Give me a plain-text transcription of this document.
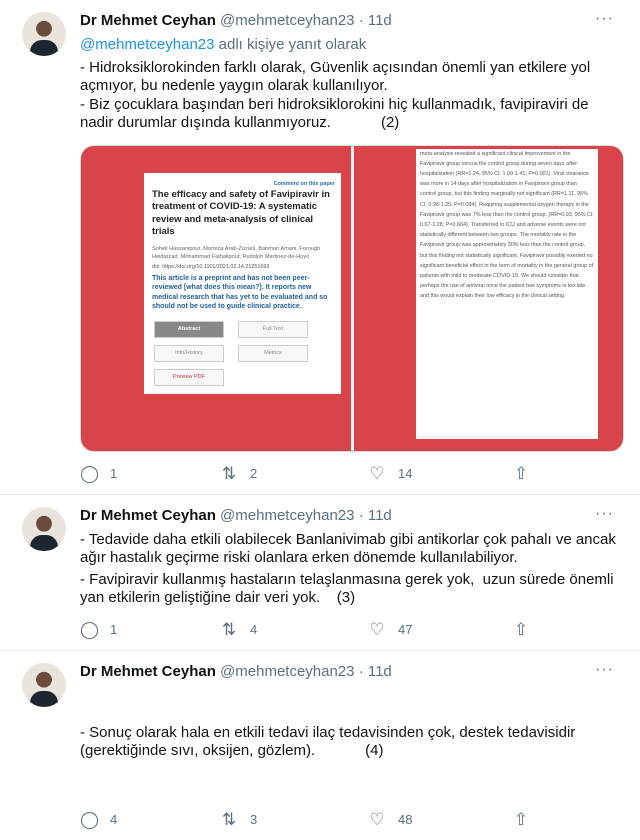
Dr Mehmet Ceyhan @mehmetceyhan23 · 11d	···
@mehmetceyhan23 adlı kişiye yanıt olarak
- Hidroksiklorokinden farklı olarak, Güvenlik açısından önemli yan etkilere yol açmıyor, bu nedenle yaygın olarak kullanılıyor.
- Biz çocuklara başından beri hidroksiklorokini hiç kullanmadık, favipiraviri de nadir durumlar dışında kullanmıyoruz.            (2)
Comment on this paper
The efficacy and safety of Favipiravir in treatment of COVID-19: A systematic review and meta-analysis of clinical trials
Soheil Hassanipour, Morteza Arab-Zozani, Bahman Amani, Forough Heidarzad, Mohammad Fathalipour, Rudolph Martinez-de-Hoyo
doi: https://doi.org/10.1101/2021.02.14.21251693
This article is a preprint and has not been peer-reviewed [what does this mean?]. It reports new medical research that has yet to be evaluated and so should not be used to guide clinical practice.
Abstract	Full Text
Info/History	Metrics
Preview PDF
meta-analysis revealed a significant clinical improvement in the Favipiravir group versus the control group during seven days after hospitalization (RR=1.24, 95% CI: 1.09-1.41; P=0.001). Viral clearance was more in 14 days after hospitalization in Favipiravir group than control group, but this finding marginally not significant (RR=1.11, 95% CI: 0.98-1.25; P=0.094). Requiring supplemental oxygen therapy in the Favipiravir group was 7% less than the control group. (RR=0.93, 95% CI: 0.67-1.28; P=0.664). Transferred to ICU and adverse events were not statistically different between two groups. The mortality rate in the Favipiravir group was approximately 30% less than the control group, but this finding not statistically significant. Favipiravir possibly exerted no significant beneficial effect in the term of mortality in the general group of patients with mild to moderate COVID-19. We should consider that perhaps the use of antiviral once the patient has symptoms is too late and this would explain their low efficacy in the clinical setting.
◯ 1	⇅ 2	♡ 14	⇧
Dr Mehmet Ceyhan @mehmetceyhan23 · 11d	···
- Tedavide daha etkili olabilecek Banlanivimab gibi antikorlar çok pahalı ve ancak ağır hastalık geçirme riski olanlara erken dönemde kullanılabiliyor.
- Favipiravir kullanmış hastaların telaşlanmasına gerek yok,  uzun sürede önemli yan etkilerin geliştiğine dair veri yok.    (3)
◯ 1	⇅ 4	♡ 47	⇧
Dr Mehmet Ceyhan @mehmetceyhan23 · 11d	···

- Sonuç olarak hala en etkili tedavi ilaç tedavisinden çok, destek tedavisidir (gerektiğinde sıvı, oksijen, gözlem).            (4)

◯ 4	⇅ 3	♡ 48	⇧
